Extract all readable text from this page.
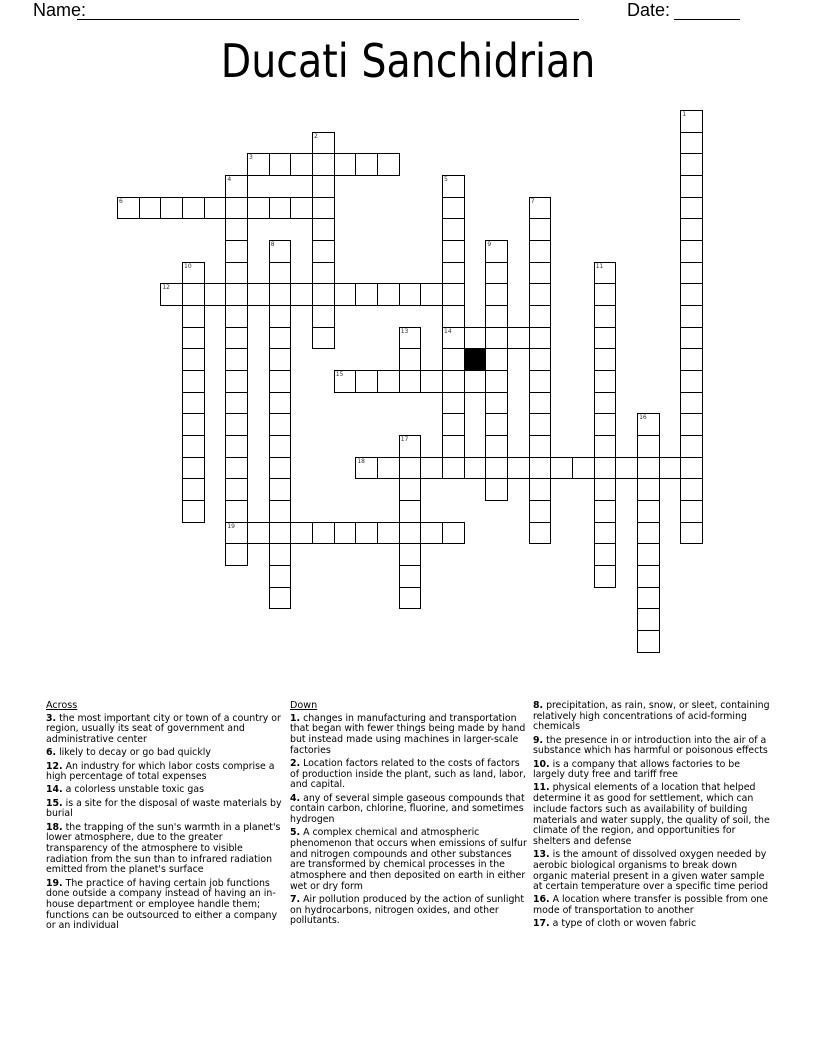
Name:	Date:
Ducati Sanchidrian
1
2
3
4
19
5
14
6	7
8	9
10	11
12
13
15
16
17
18
Across
3. the most important city or town of a country or region, usually its seat of government and administrative center
6. likely to decay or go bad quickly
12. An industry for which labor costs comprise a high percentage of total expenses
14. a colorless unstable toxic gas
15. is a site for the disposal of waste materials by burial
18. the trapping of the sun's warmth in a planet's lower atmosphere, due to the greater transparency of the atmosphere to visible radiation from the sun than to infrared radiation emitted from the planet's surface
19. The practice of having certain job functions done outside a company instead of having an in-house department or employee handle them; functions can be outsourced to either a company or an individual
Down
1. changes in manufacturing and transportation that began with fewer things being made by hand but instead made using machines in larger-scale factories
2. Location factors related to the costs of factors of production inside the plant, such as land, labor, and capital.
4. any of several simple gaseous compounds that contain carbon, chlorine, fluorine, and sometimes hydrogen
5. A complex chemical and atmospheric phenomenon that occurs when emissions of sulfur and nitrogen compounds and other substances are transformed by chemical processes in the atmosphere and then deposited on earth in either wet or dry form
7. Air pollution produced by the action of sunlight on hydrocarbons, nitrogen oxides, and other pollutants.
8. precipitation, as rain, snow, or sleet, containing relatively high concentrations of acid-forming chemicals
9. the presence in or introduction into the air of a substance which has harmful or poisonous effects
10. is a company that allows factories to be largely duty free and tariff free
11. physical elements of a location that helped determine it as good for settlement, which can include factors such as availability of building materials and water supply, the quality of soil, the climate of the region, and opportunities for shelters and defense
13. is the amount of dissolved oxygen needed by aerobic biological organisms to break down organic material present in a given water sample at certain temperature over a specific time period
16. A location where transfer is possible from one mode of transportation to another
17. a type of cloth or woven fabric
